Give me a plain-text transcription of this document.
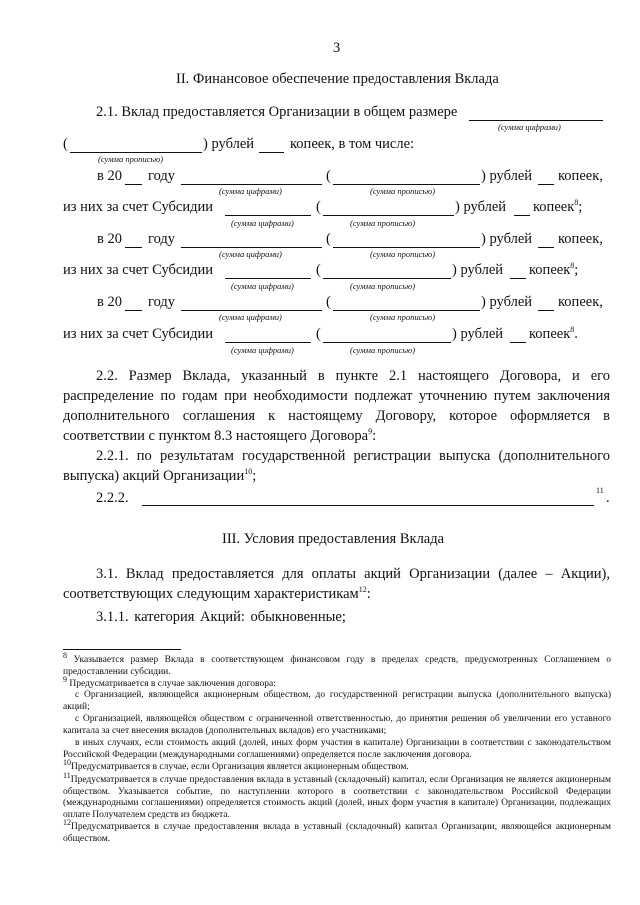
3
II. Финансовое обеспечение предоставления Вклада
2.1. Вклад предоставляется Организации в общем размере
(сумма цифрами)
(	) рублей копеек, в том числе:
(сумма прописью)
в 20 году	(	) рублей копеек,
(сумма цифрами)	(сумма прописью)
из них за счет Субсидии	(	) рублей копеек$^8$;
(сумма цифрами)	(сумма прописью)
в 20 году	(	) рублей копеек,
(сумма цифрами)	(сумма прописью)
из них за счет Субсидии	(	) рублей копеек$^8$;
(сумма цифрами)	(сумма прописью)
в 20 году	(	) рублей копеек,
(сумма цифрами)	(сумма прописью)
из них за счет Субсидии	(	) рублей копеек$^8$.
(сумма цифрами)	(сумма прописью)
2.2. Размер Вклада, указанный в пункте 2.1 настоящего Договора, и его распределение по годам при необходимости подлежат уточнению путем заключения дополнительного соглашения к настоящему Договору, которое оформляется в соответствии с пунктом 8.3 настоящего Договора$^9$:
2.2.1. по результатам государственной регистрации выпуска (дополнительного выпуска) акций Организации$^{10}$;
2.2.2.	11 .
III. Условия предоставления Вклада
3.1. Вклад предоставляется для оплаты акций Организации (далее – Акции), соответствующих следующим характеристикам$^{12}$:
3.1.1. категория Акций: обыкновенные;
$^8$ Указывается размер Вклада в соответствующем финансовом году в пределах средств, предусмотренных Соглашением о предоставлении субсидии.
$^9$ Предусматривается в случае заключения договора:
с Организацией, являющейся акционерным обществом, до государственной регистрации выпуска (дополнительного выпуска) акций;
с Организацией, являющейся обществом с ограниченной ответственностью, до принятия решения об увеличении его уставного капитала за счет внесения вкладов (дополнительных вкладов) его участниками;
в иных случаях, если стоимость акций (долей, иных форм участия в капитале) Организации в соответствии с законодательством Российской Федерации (международными соглашениями) определяется после заключения договора.
$^{10}$Предусматривается в случае, если Организация является акционерным обществом.
$^{11}$Предусматривается в случае предоставления вклада в уставный (складочный) капитал, если Организация не является акционерным обществом. Указывается событие, по наступлении которого в соответствии с законодательством Российской Федерации (международными соглашениями) определяется стоимость акций (долей, иных форм участия в капитале) Организации, подлежащих оплате Получателем средств из бюджета.
$^{12}$Предусматривается в случае предоставления вклада в уставный (складочный) капитал Организации, являющейся акционерным обществом.
